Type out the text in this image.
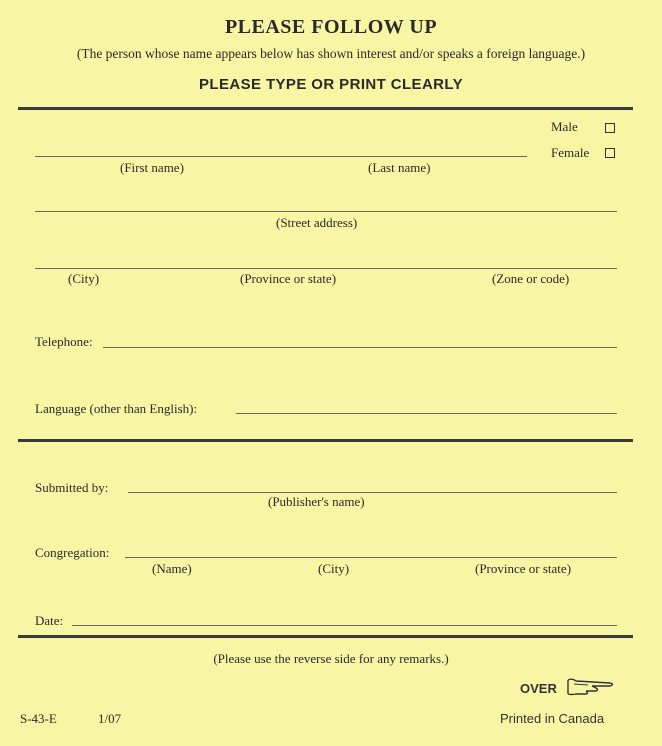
PLEASE FOLLOW UP
(The person whose name appears below has shown interest and/or speaks a foreign language.)
PLEASE TYPE OR PRINT CLEARLY
Male
Female
(First name)	(Last name)
(Street address)
(City)	(Province or state)	(Zone or code)
Telephone:
Language (other than English):
Submitted by:
(Publisher's name)
Congregation:
(Name)	(City)	(Province or state)
Date:
(Please use the reverse side for any remarks.)
OVER
S-43-E	1/07	Printed in Canada
